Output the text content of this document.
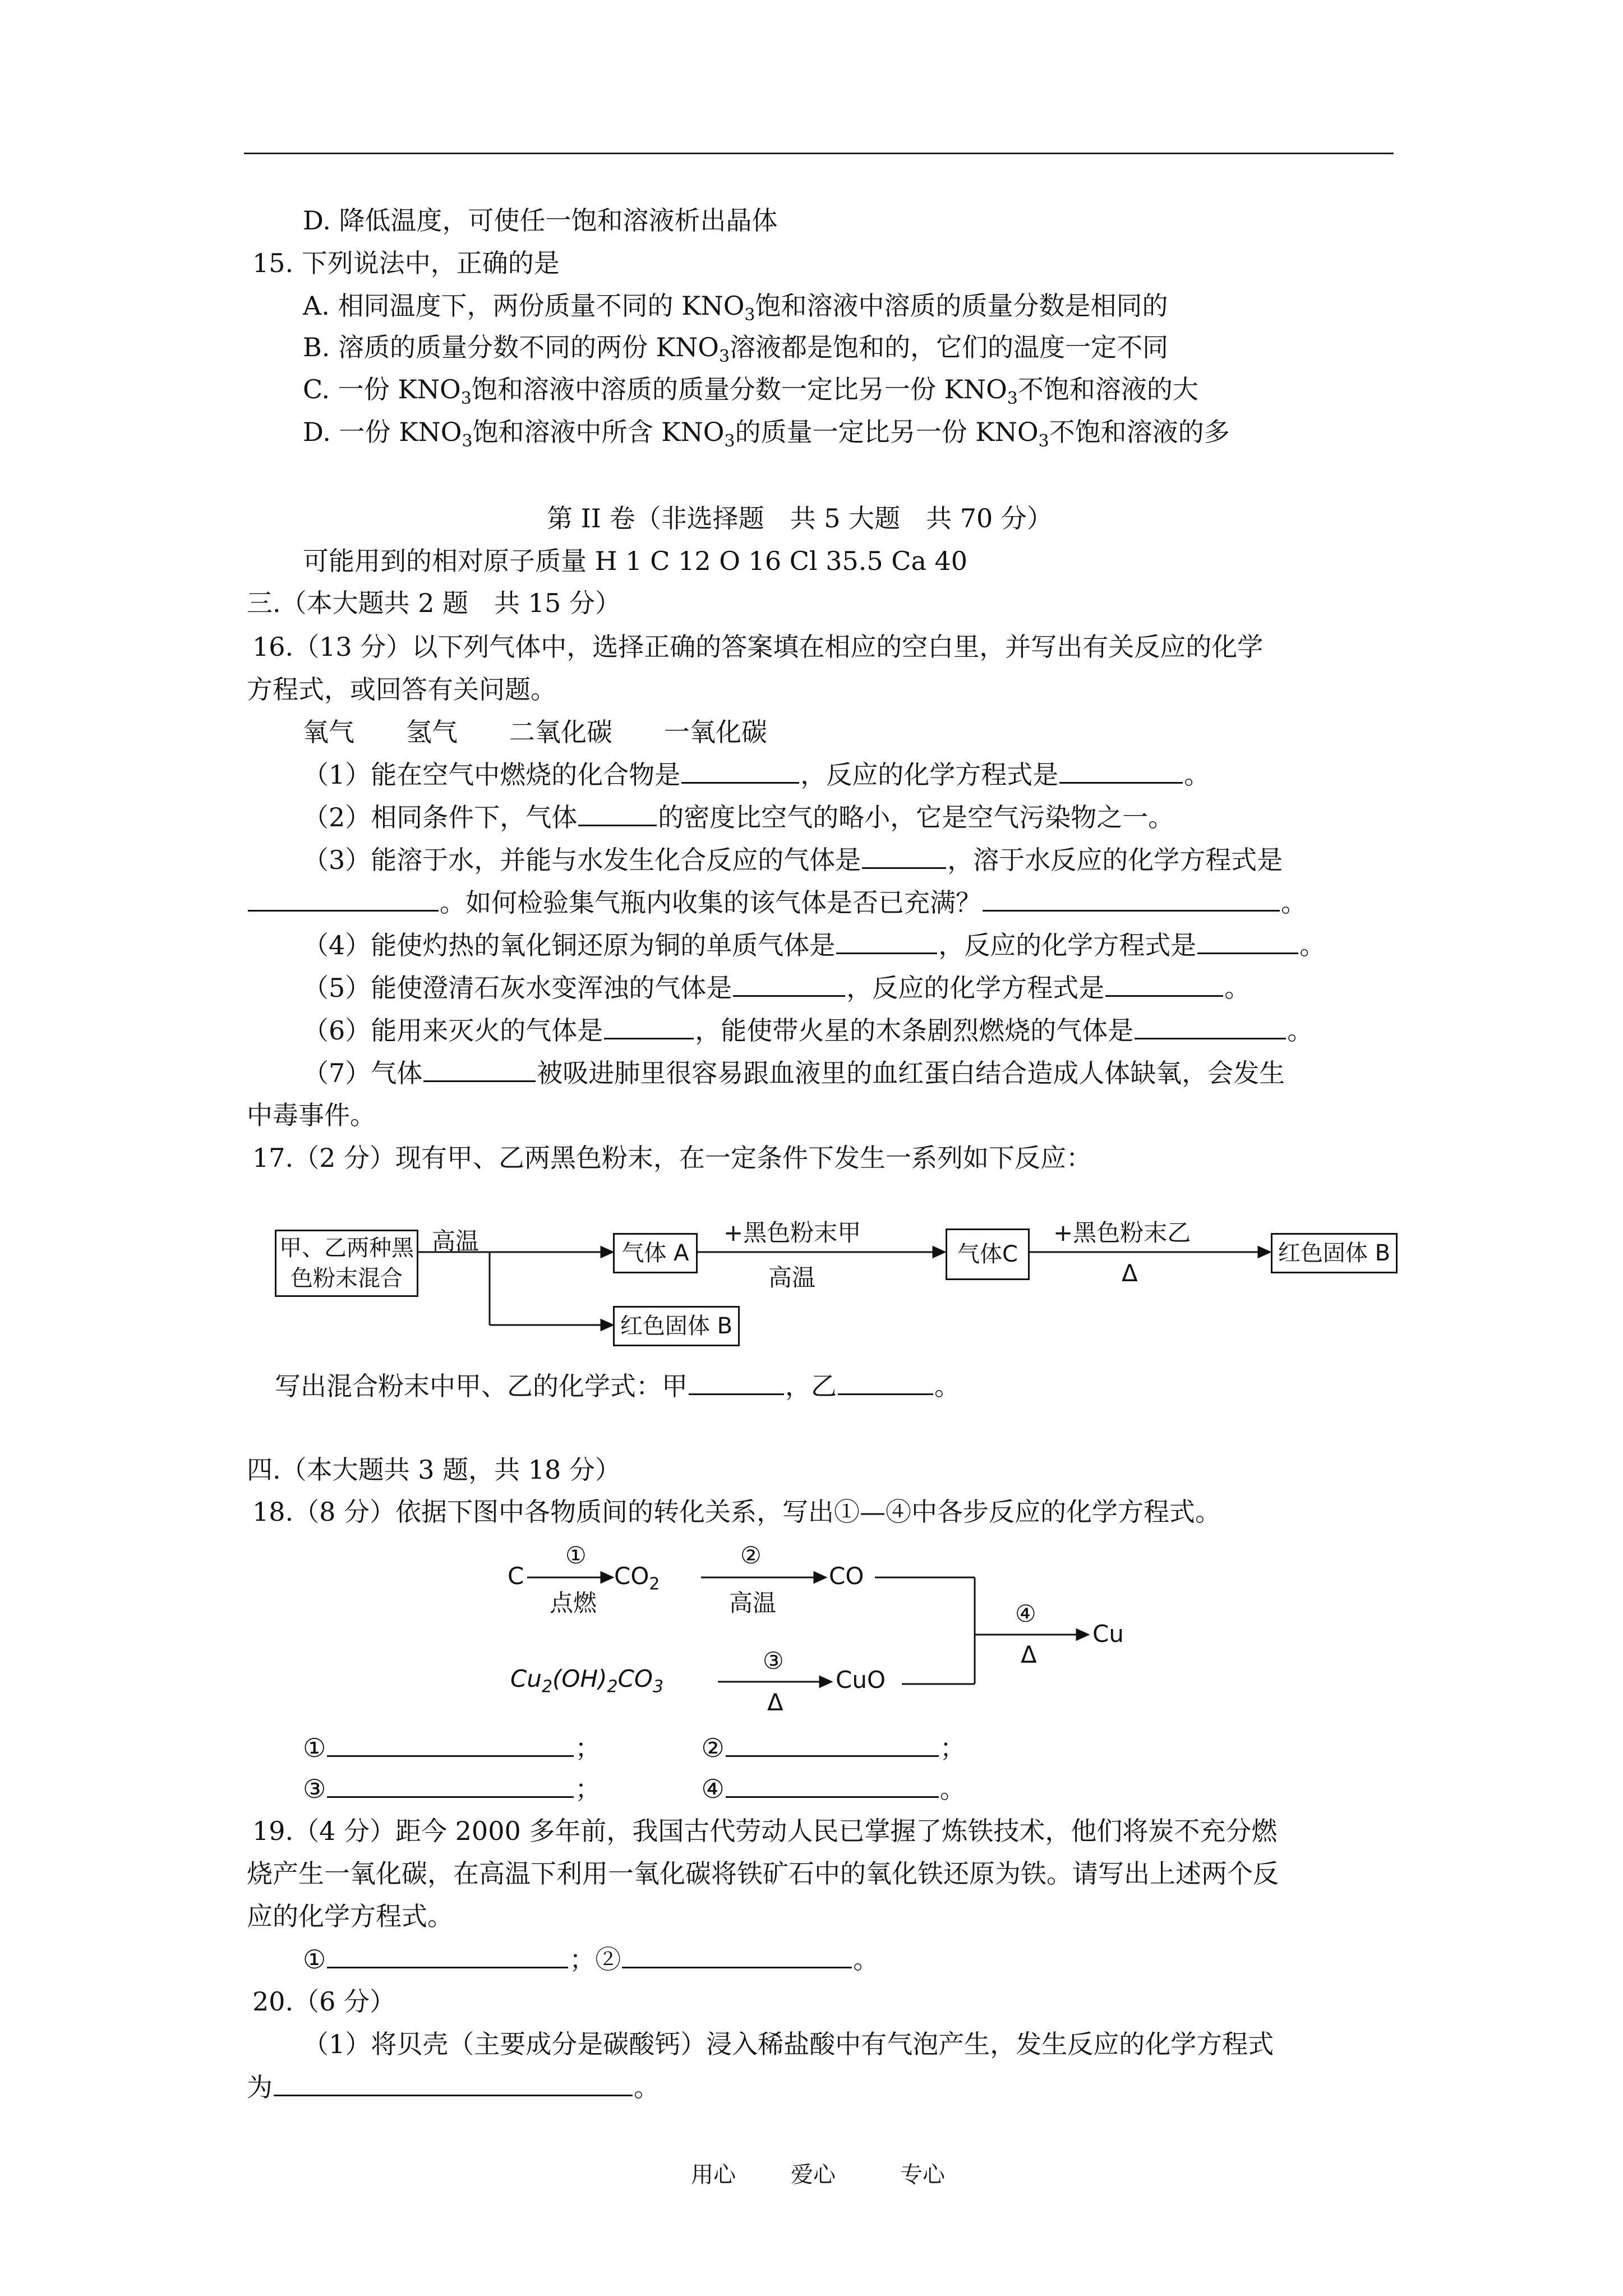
D. 降低温度，可使任一饱和溶液析出晶体
15. 下列说法中，正确的是
A. 相同温度下，两份质量不同的 $KNO_3$饱和溶液中溶质的质量分数是相同的
B. 溶质的质量分数不同的两份 $KNO_3$溶液都是饱和的，它们的温度一定不同
C. 一份 $KNO_3$饱和溶液中溶质的质量分数一定比另一份 $KNO_3$不饱和溶液的大
D. 一份 $KNO_3$饱和溶液中所含 $KNO_3$的质量一定比另一份 $KNO_3$不饱和溶液的多
第 II 卷（非选择题　共 5 大题　共 70 分）
可能用到的相对原子质量 H 1 C 12 O 16 Cl 35.5 Ca 40
三.（本大题共 2 题　共 15 分）
16.（13 分）以下列气体中，选择正确的答案填在相应的空白里，并写出有关反应的化学
方程式，或回答有关问题。
氧气　　氢气　　二氧化碳　　一氧化碳
（1）能在空气中燃烧的化合物是	，反应的化学方程式是	。
（2）相同条件下，气体	的密度比空气的略小，它是空气污染物之一。
（3）能溶于水，并能与水发生化合反应的气体是	，溶于水反应的化学方程式是
。如何检验集气瓶内收集的该气体是否已充满？	。
（4）能使灼热的氧化铜还原为铜的单质气体是	，反应的化学方程式是	。
（5）能使澄清石灰水变浑浊的气体是	，反应的化学方程式是	。
（6）能用来灭火的气体是	，能使带火星的木条剧烈燃烧的气体是	。
（7）气体	被吸进肺里很容易跟血液里的血红蛋白结合造成人体缺氧，会发生
中毒事件。
17.（2 分）现有甲、乙两黑色粉末，在一定条件下发生一系列如下反应：
甲、乙两种黑
色粉末混合
高温	气体 A
红色固体 B
+黑色粉末甲
高温
气体C
+黑色粉末乙
Δ
红色固体 B
写出混合粉末中甲、乙的化学式：甲	，乙	。
四.（本大题共 3 题，共 18 分）
18.（8 分）依据下图中各物质间的转化关系，写出①—④中各步反应的化学方程式。
C
①
点燃
$CO_2$
②
高温
CO
$Cu_2(OH)_2CO_3$
③
Δ
CuO
④
Δ
Cu
①	；	②	；
③	；	④	。
19.（4 分）距今 2000 多年前，我国古代劳动人民已掌握了炼铁技术，他们将炭不充分燃
烧产生一氧化碳，在高温下利用一氧化碳将铁矿石中的氧化铁还原为铁。请写出上述两个反
应的化学方程式。
①	；②	。
20.（6 分）
（1）将贝壳（主要成分是碳酸钙）浸入稀盐酸中有气泡产生，发生反应的化学方程式
为	。
用心 爱心	专心
